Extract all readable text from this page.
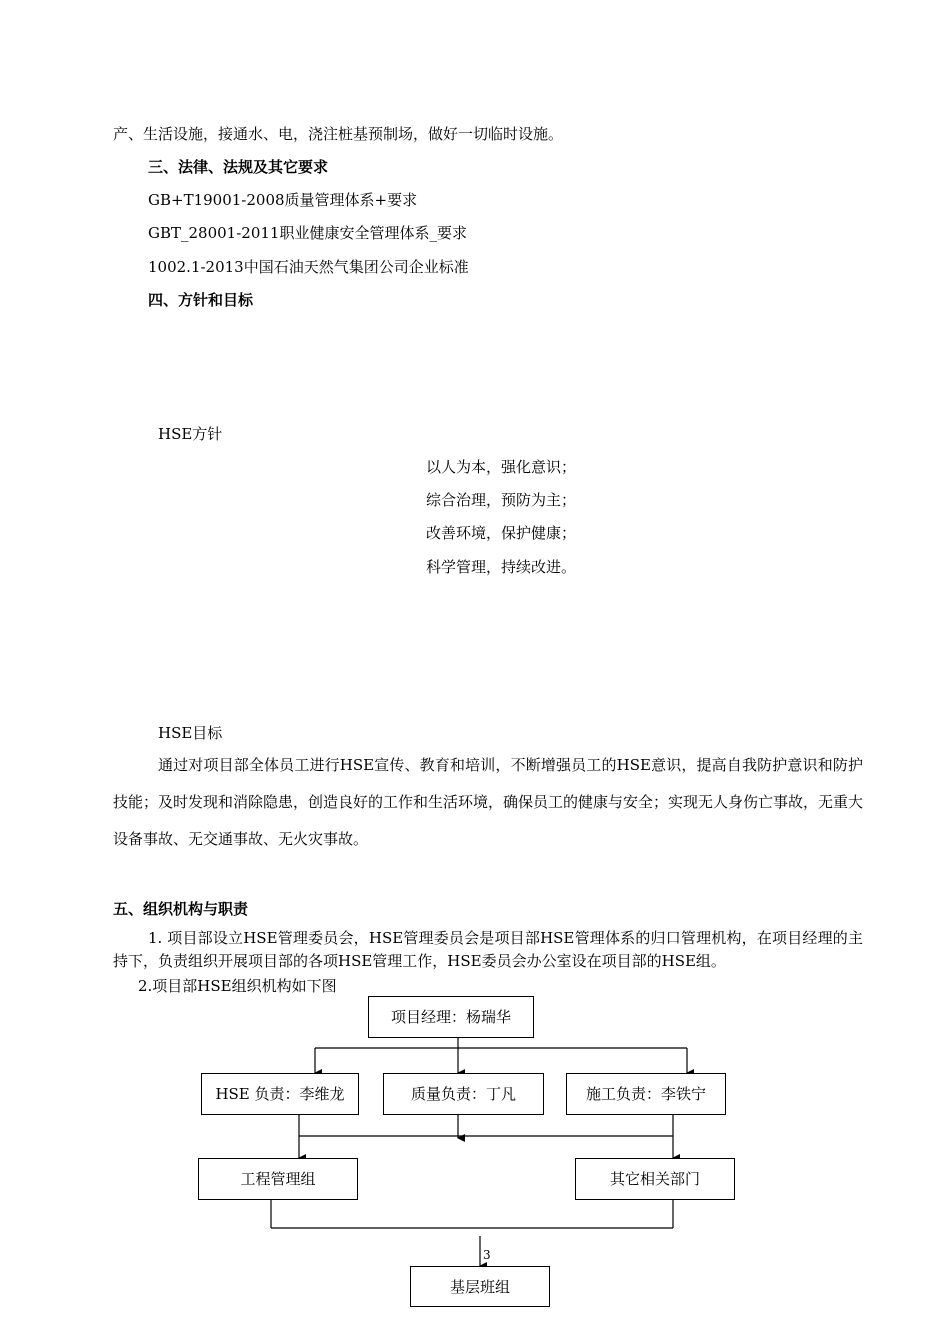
产、生活设施，接通水、电，浇注桩基预制场，做好一切临时设施。
三、法律、法规及其它要求
GB+T19001-2008质量管理体系+要求
GBT_28001-2011职业健康安全管理体系_要求
1002.1-2013中国石油天然气集团公司企业标准
四、方针和目标
HSE方针
以人为本，强化意识；
综合治理，预防为主；
改善环境，保护健康；
科学管理，持续改进。
HSE目标
通过对项目部全体员工进行HSE宣传、教育和培训，不断增强员工的HSE意识，提高自我防护意识和防护技能；及时发现和消除隐患，创造良好的工作和生活环境，确保员工的健康与安全；实现无人身伤亡事故，无重大设备事故、无交通事故、无火灾事故。
五、组织机构与职责
1. 项目部设立HSE管理委员会，HSE管理委员会是项目部HSE管理体系的归口管理机构，在项目经理的主持下，负责组织开展项目部的各项HSE管理工作，HSE委员会办公室设在项目部的HSE组。
2.项目部HSE组织机构如下图
项目经理：杨瑞华
HSE 负责：李维龙	质量负责：丁凡	施工负责：李铁宁
工程管理组	其它相关部门
基层班组
3
